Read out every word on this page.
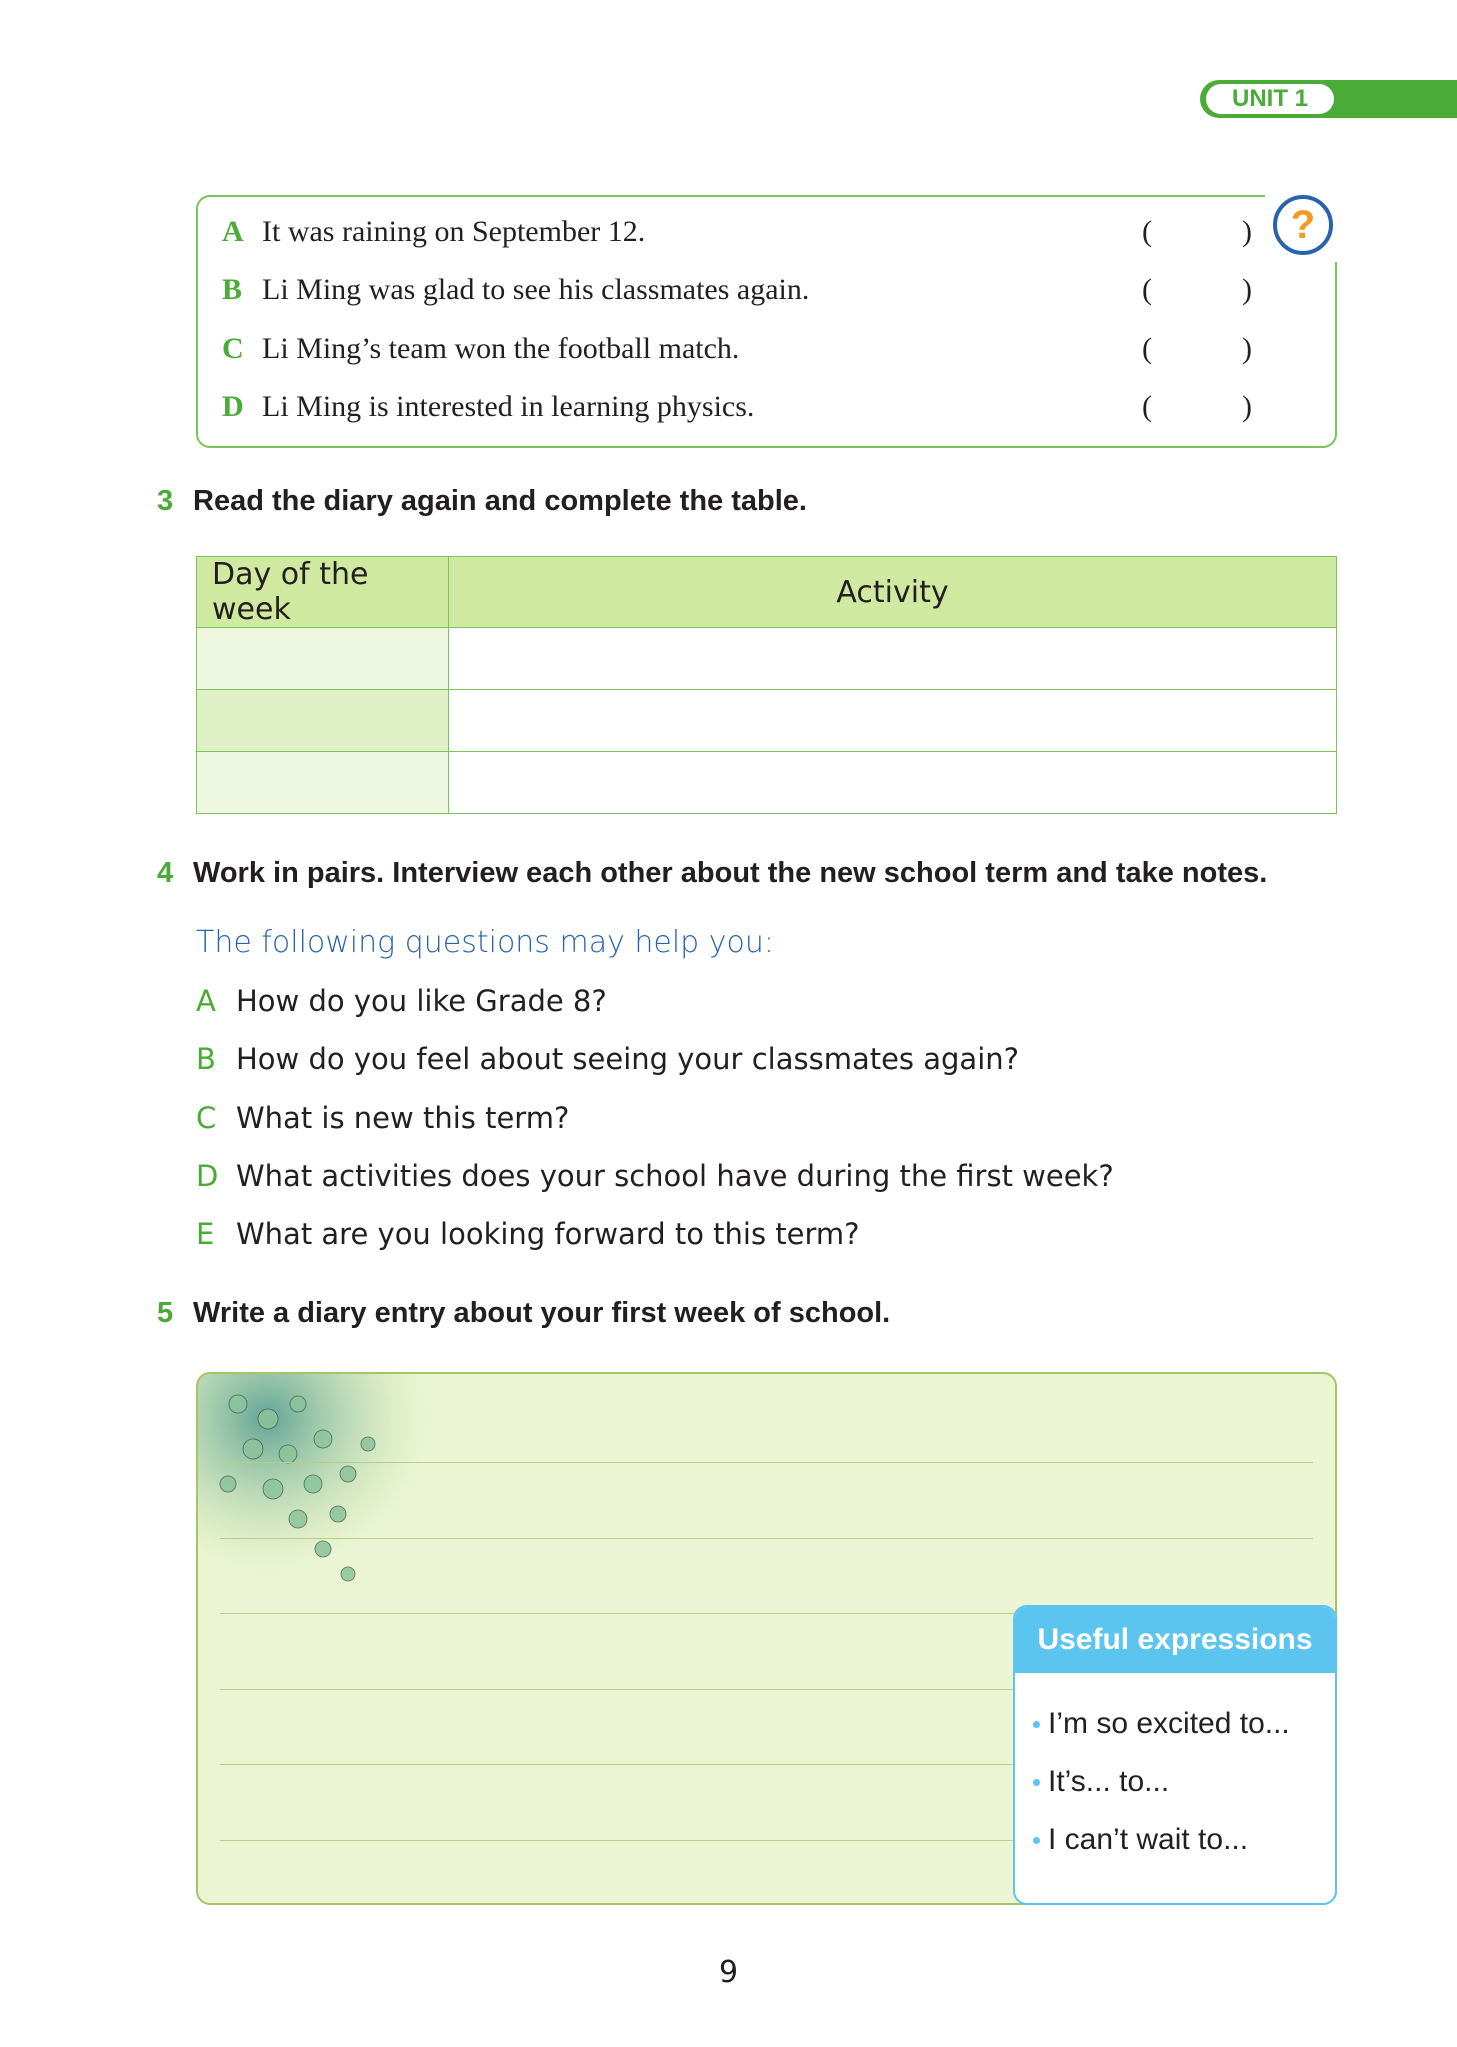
UNIT 1
?
A It was raining on September 12.	(	)
B Li Ming was glad to see his classmates again.	(	)
C Li Ming’s team won the football match.	(	)
D Li Ming is interested in learning physics.	(	)
3 Read the diary again and complete the table.
Day of the week	Activity

4 Work in pairs. Interview each other about the new school term and take notes.
The following questions may help you:
A How do you like Grade 8?
B How do you feel about seeing your classmates again?
C What is new this term?
D What activities does your school have during the first week?
E What are you looking forward to this term?
5 Write a diary entry about your first week of school.
Useful expressions
I’m so excited to...
It’s... to...
I can’t wait to...
9
